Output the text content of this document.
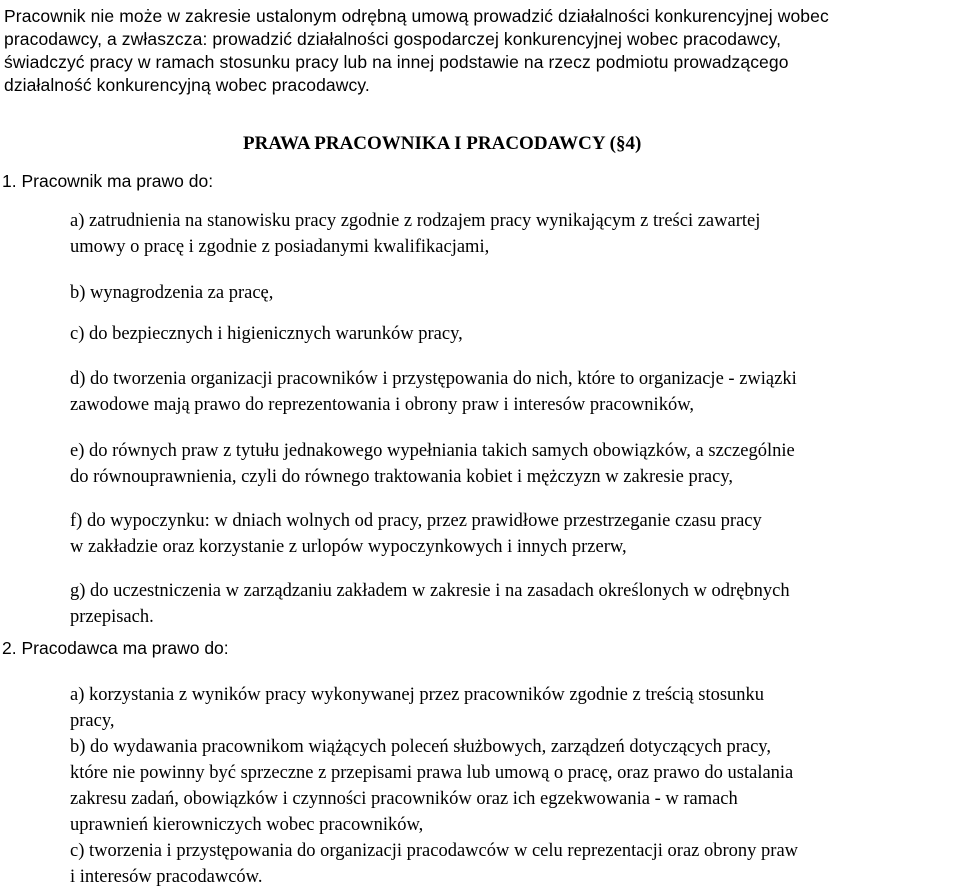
Pracownik nie może w zakresie ustalonym odrębną umową prowadzić działalności konkurencyjnej wobec
pracodawcy, a zwłaszcza: prowadzić działalności gospodarczej konkurencyjnej wobec pracodawcy,
świadczyć pracy w ramach stosunku pracy lub na innej podstawie na rzecz podmiotu prowadzącego
działalność konkurencyjną wobec pracodawcy.
PRAWA PRACOWNIKA I PRACODAWCY (§4)
1. Pracownik ma prawo do:
a) zatrudnienia na stanowisku pracy zgodnie z rodzajem pracy wynikającym z treści zawartej
umowy o pracę i zgodnie z posiadanymi kwalifikacjami,
b) wynagrodzenia za pracę,
c) do bezpiecznych i higienicznych warunków pracy,
d) do tworzenia organizacji pracowników i przystępowania do nich, które to organizacje - związki
zawodowe mają prawo do reprezentowania i obrony praw i interesów pracowników,
e) do równych praw z tytułu jednakowego wypełniania takich samych obowiązków, a szczególnie
do równouprawnienia, czyli do równego traktowania kobiet i mężczyzn w zakresie pracy,
f) do wypoczynku: w dniach wolnych od pracy, przez prawidłowe przestrzeganie czasu pracy
w zakładzie oraz korzystanie z urlopów wypoczynkowych i innych przerw,
g) do uczestniczenia w zarządzaniu zakładem w zakresie i na zasadach określonych w odrębnych
przepisach.
2. Pracodawca ma prawo do:
a) korzystania z wyników pracy wykonywanej przez pracowników zgodnie z treścią stosunku
pracy,
b) do wydawania pracownikom wiążących poleceń służbowych, zarządzeń dotyczących pracy,
które nie powinny być sprzeczne z przepisami prawa lub umową o pracę, oraz prawo do ustalania
zakresu zadań, obowiązków i czynności pracowników oraz ich egzekwowania - w ramach
uprawnień kierowniczych wobec pracowników,
c) tworzenia i przystępowania do organizacji pracodawców w celu reprezentacji oraz obrony praw
i interesów pracodawców.
